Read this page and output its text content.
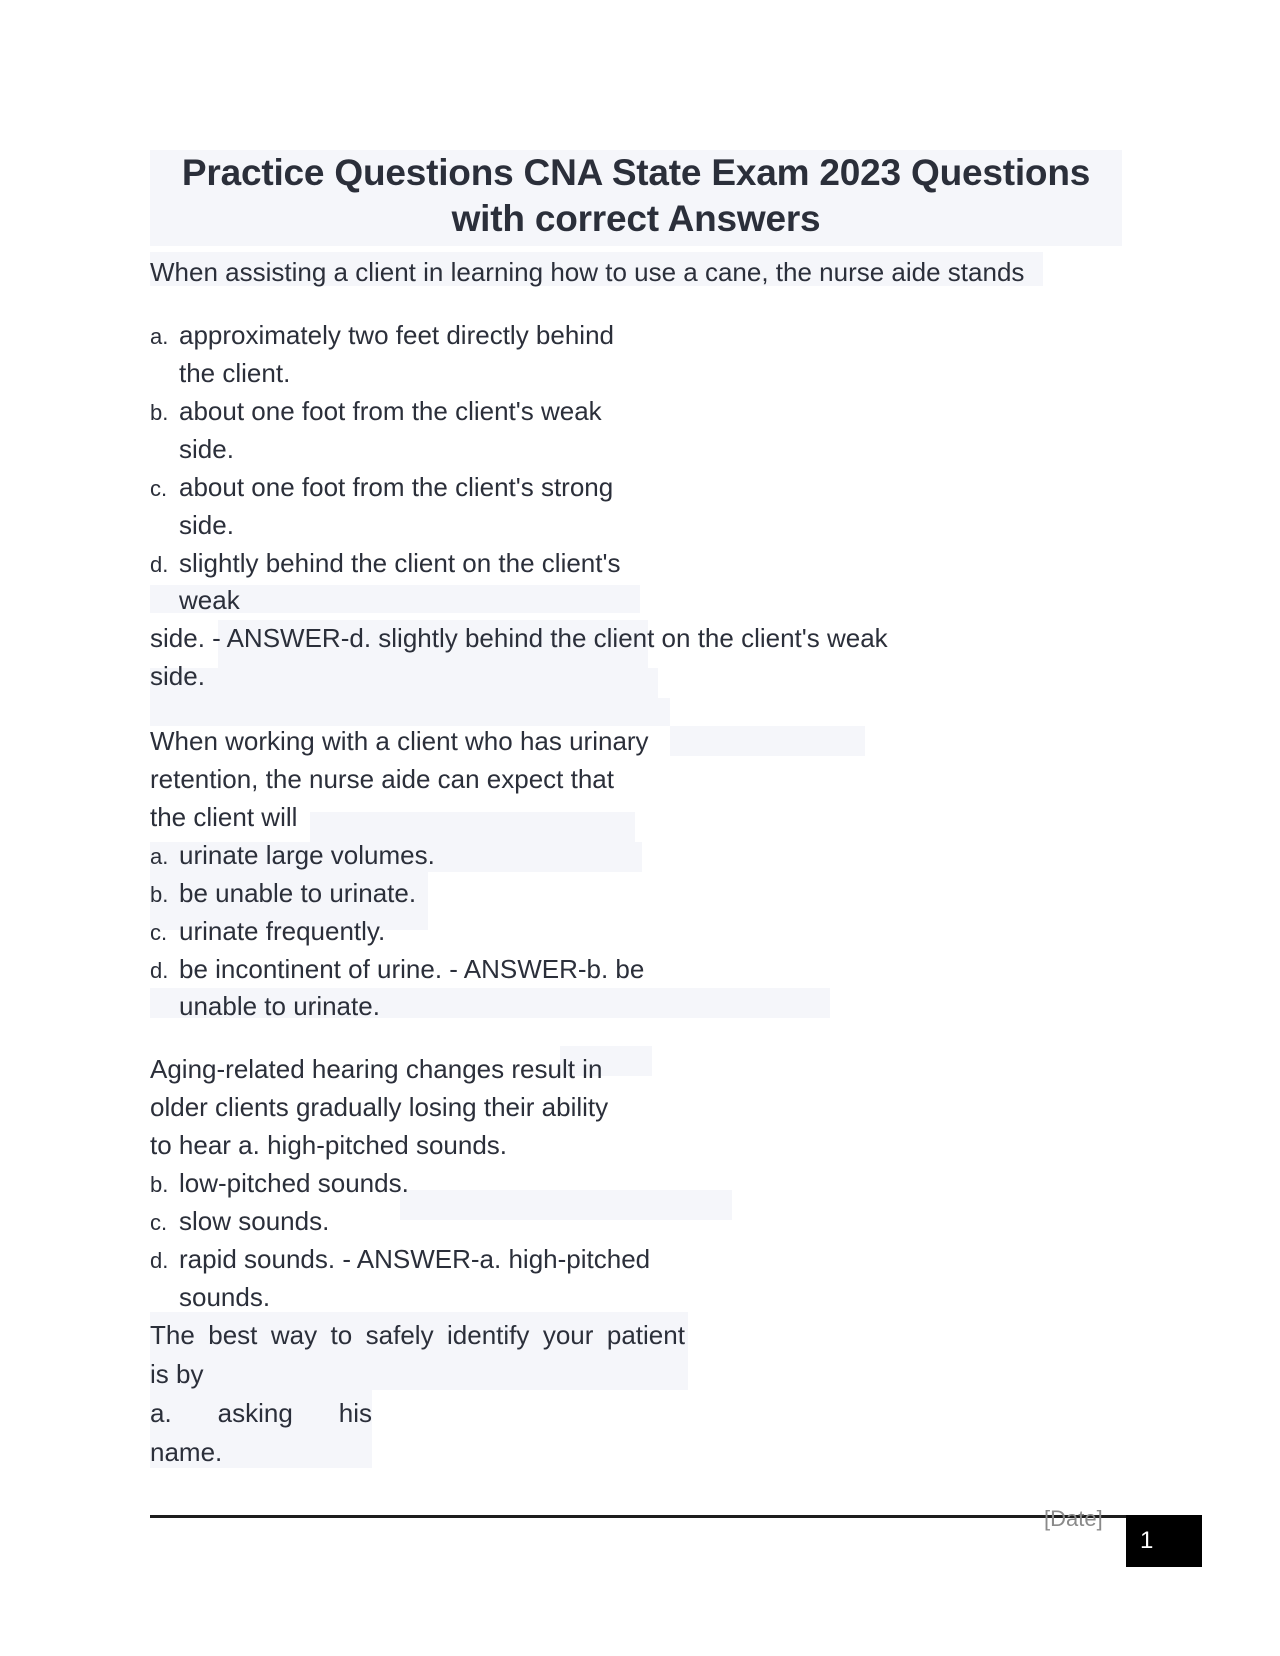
Practice Questions CNA State Exam 2023 Questions
with correct Answers
When assisting a client in learning how to use a cane, the nurse aide stands
a. approximately two feet directly behind
the client.
b. about one foot from the client's weak
side.
c. about one foot from the client's strong
side.
d. slightly behind the client on the client's
weak
side. - ANSWER-d. slightly behind the client on the client's weak
side.
When working with a client who has urinary
retention, the nurse aide can expect that
the client will
a. urinate large volumes.
b. be unable to urinate.
c. urinate frequently.
d. be incontinent of urine. - ANSWER-b. be
unable to urinate.
Aging-related hearing changes result in
older clients gradually losing their ability
to hear a. high-pitched sounds.
b. low-pitched sounds.
c. slow sounds.
d. rapid sounds. - ANSWER-a. high-pitched
sounds.
The best way to safely identify your patient
is by
a. asking his
name.
[Date]
1
